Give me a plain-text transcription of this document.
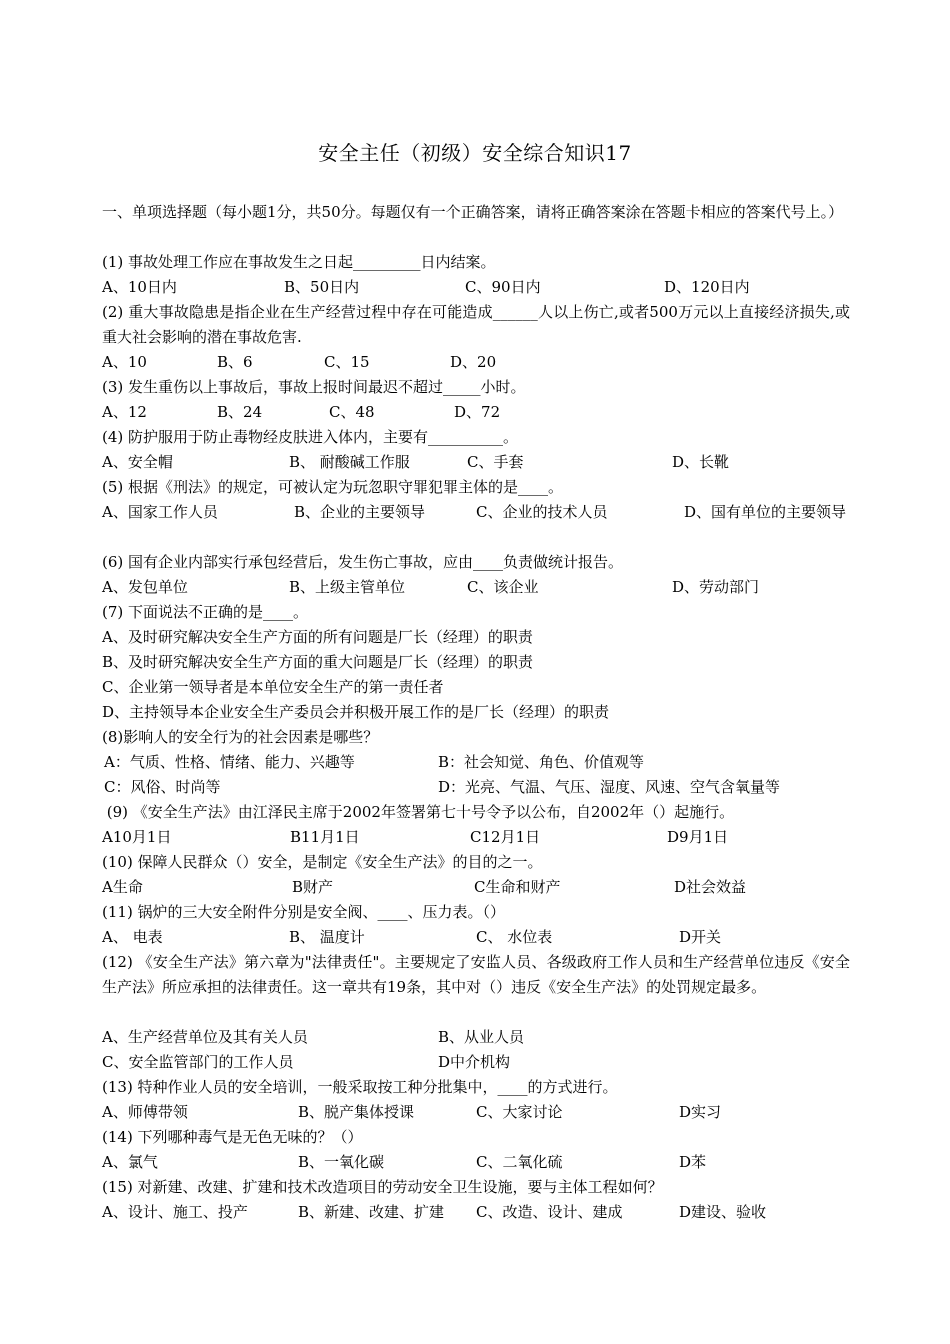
安全主任（初级）安全综合知识17
一、单项选择题（每小题1分，共50分。每题仅有一个正确答案，请将正确答案涂在答题卡相应的答案代号上。）
(1) 事故处理工作应在事故发生之日起_________日内结案。
A、10日内	B、50日内	C、90日内	D、120日内
(2) 重大事故隐患是指企业在生产经营过程中存在可能造成______人以上伤亡,或者500万元以上直接经济损失,或重大社会影响的潜在事故危害.
A、10	B、6	C、15	D、20
(3) 发生重伤以上事故后，事故上报时间最迟不超过_____小时。
A、12	B、24	C、48	D、72
(4) 防护服用于防止毒物经皮肤进入体内，主要有__________。
A、安全帽	B、 耐酸碱工作服	C、手套	D、长靴
(5) 根据《刑法》的规定，可被认定为玩忽职守罪犯罪主体的是____。
A、国家工作人员	B、企业的主要领导	C、企业的技术人员	D、国有单位的主要领导
(6) 国有企业内部实行承包经营后，发生伤亡事故，应由____负责做统计报告。
A、发包单位	B、上级主管单位	C、该企业	D、劳动部门
(7) 下面说法不正确的是____。
A、及时研究解决安全生产方面的所有问题是厂长（经理）的职责
B、及时研究解决安全生产方面的重大问题是厂长（经理）的职责
C、企业第一领导者是本单位安全生产的第一责任者
D、主持领导本企业安全生产委员会并积极开展工作的是厂长（经理）的职责
(8)影响人的安全行为的社会因素是哪些？
A：气质、性格、情绪、能力、兴趣等	B：社会知觉、角色、价值观等
C：风俗、时尚等	D：光亮、气温、气压、湿度、风速、空气含氧量等
(9) 《安全生产法》由江泽民主席于2002年签署第七十号令予以公布，自2002年（）起施行。
A10月1日	B11月1日	C12月1日	D9月1日
(10) 保障人民群众（）安全，是制定《安全生产法》的目的之一。
A生命	B财产	C生命和财产	D社会效益
(11) 锅炉的三大安全附件分别是安全阀、____、压力表。（）
A、 电表	B、 温度计	C、 水位表	D开关
(12) 《安全生产法》第六章为"法律责任"。主要规定了安监人员、各级政府工作人员和生产经营单位违反《安全生产法》所应承担的法律责任。这一章共有19条，其中对（）违反《安全生产法》的处罚规定最多。
A、生产经营单位及其有关人员	B、从业人员
C、安全监管部门的工作人员	D中介机构
(13) 特种作业人员的安全培训，一般采取按工种分批集中，____的方式进行。
A、师傅带领	B、脱产集体授课	C、大家讨论	D实习
(14) 下列哪种毒气是无色无味的？（）
A、氯气	B、一氧化碳	C、二氧化硫	D苯
(15) 对新建、改建、扩建和技术改造项目的劳动安全卫生设施，要与主体工程如何？
A、设计、施工、投产	B、新建、改建、扩建 C、改造、设计、建成	D建设、验收
